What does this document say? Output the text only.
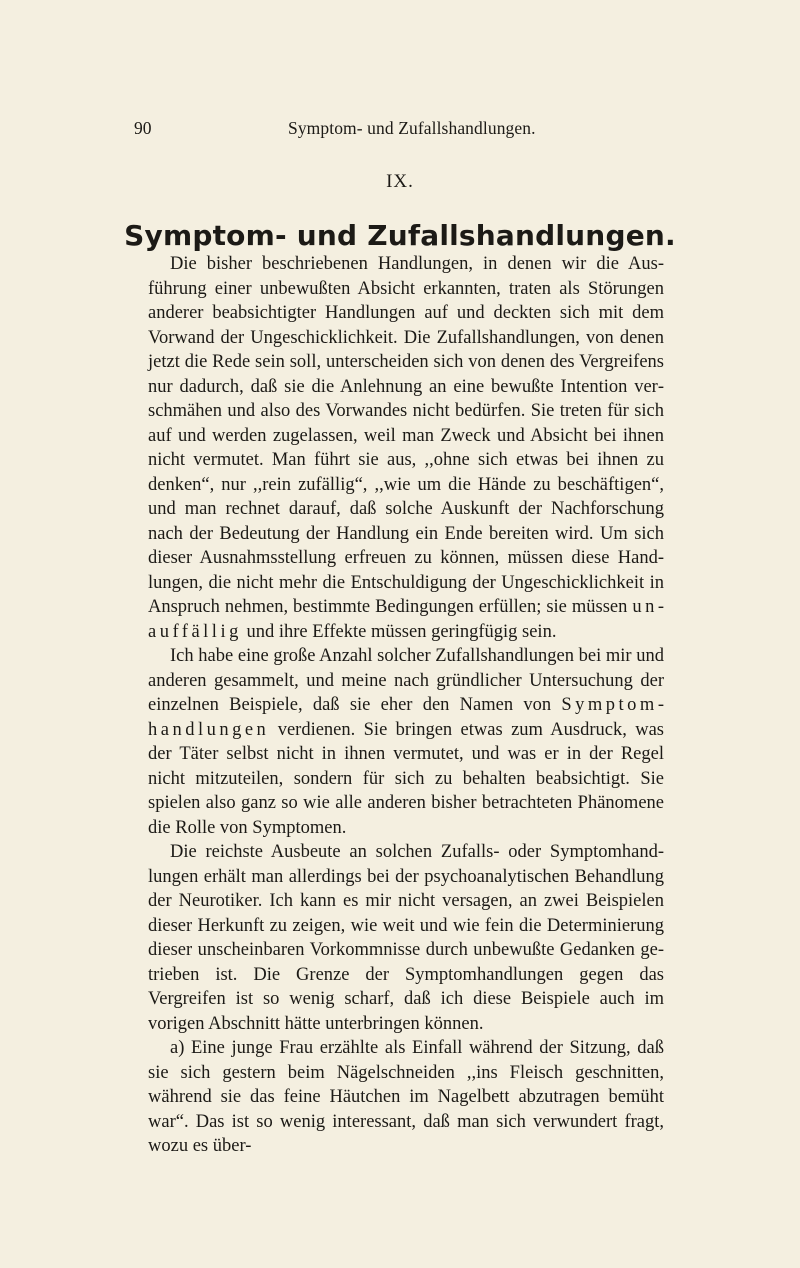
90	Symptom- und Zufallshandlungen.
IX.
Symptom- und Zufallshandlungen.

Die bisher beschriebenen Handlungen, in denen wir die Ausführung einer unbewußten Absicht erkannten, traten als Störungen anderer beabsichtigter Handlungen auf und deckten sich mit dem Vorwand der Ungeschicklichkeit. Die Zufallshandlungen, von denen jetzt die Rede sein soll, unterscheiden sich von denen des Vergreifens nur dadurch, daß sie die Anlehnung an eine bewußte Intention verschmähen und also des Vorwandes nicht bedürfen. Sie treten für sich auf und werden zugelassen, weil man Zweck und Absicht bei ihnen nicht vermutet. Man führt sie aus, ,,ohne sich etwas bei ihnen zu denken“, nur ,,rein zufällig“, ,,wie um die Hände zu beschäftigen“, und man rechnet darauf, daß solche Auskunft der Nachforschung nach der Bedeutung der Handlung ein Ende bereiten wird. Um sich dieser Ausnahmsstellung erfreuen zu können, müssen diese Handlungen, die nicht mehr die Entschuldigung der Ungeschicklichkeit in Anspruch nehmen, bestimmte Bedingungen erfüllen; sie müssen unauffällig und ihre Effekte müssen geringfügig sein.

Ich habe eine große Anzahl solcher Zufallshandlungen bei mir und anderen gesammelt, und meine nach gründlicher Untersuchung der einzelnen Beispiele, daß sie eher den Namen von Symptomhandlungen verdienen. Sie bringen etwas zum Ausdruck, was der Täter selbst nicht in ihnen vermutet, und was er in der Regel nicht mitzuteilen, sondern für sich zu behalten beabsichtigt. Sie spielen also ganz so wie alle anderen bisher betrachteten Phänomene die Rolle von Symptomen.

Die reichste Ausbeute an solchen Zufalls- oder Symptomhandlungen erhält man allerdings bei der psychoanalytischen Behandlung der Neurotiker. Ich kann es mir nicht versagen, an zwei Beispielen dieser Herkunft zu zeigen, wie weit und wie fein die Determinierung dieser unscheinbaren Vorkommnisse durch unbewußte Gedanken getrieben ist. Die Grenze der Symptomhandlungen gegen das Vergreifen ist so wenig scharf, daß ich diese Beispiele auch im vorigen Abschnitt hätte unterbringen können.

a) Eine junge Frau erzählte als Einfall während der Sitzung, daß sie sich gestern beim Nägelschneiden ,,ins Fleisch geschnitten, während sie das feine Häutchen im Nagelbett abzutragen bemüht war“. Das ist so wenig interessant, daß man sich verwundert fragt, wozu es über-
